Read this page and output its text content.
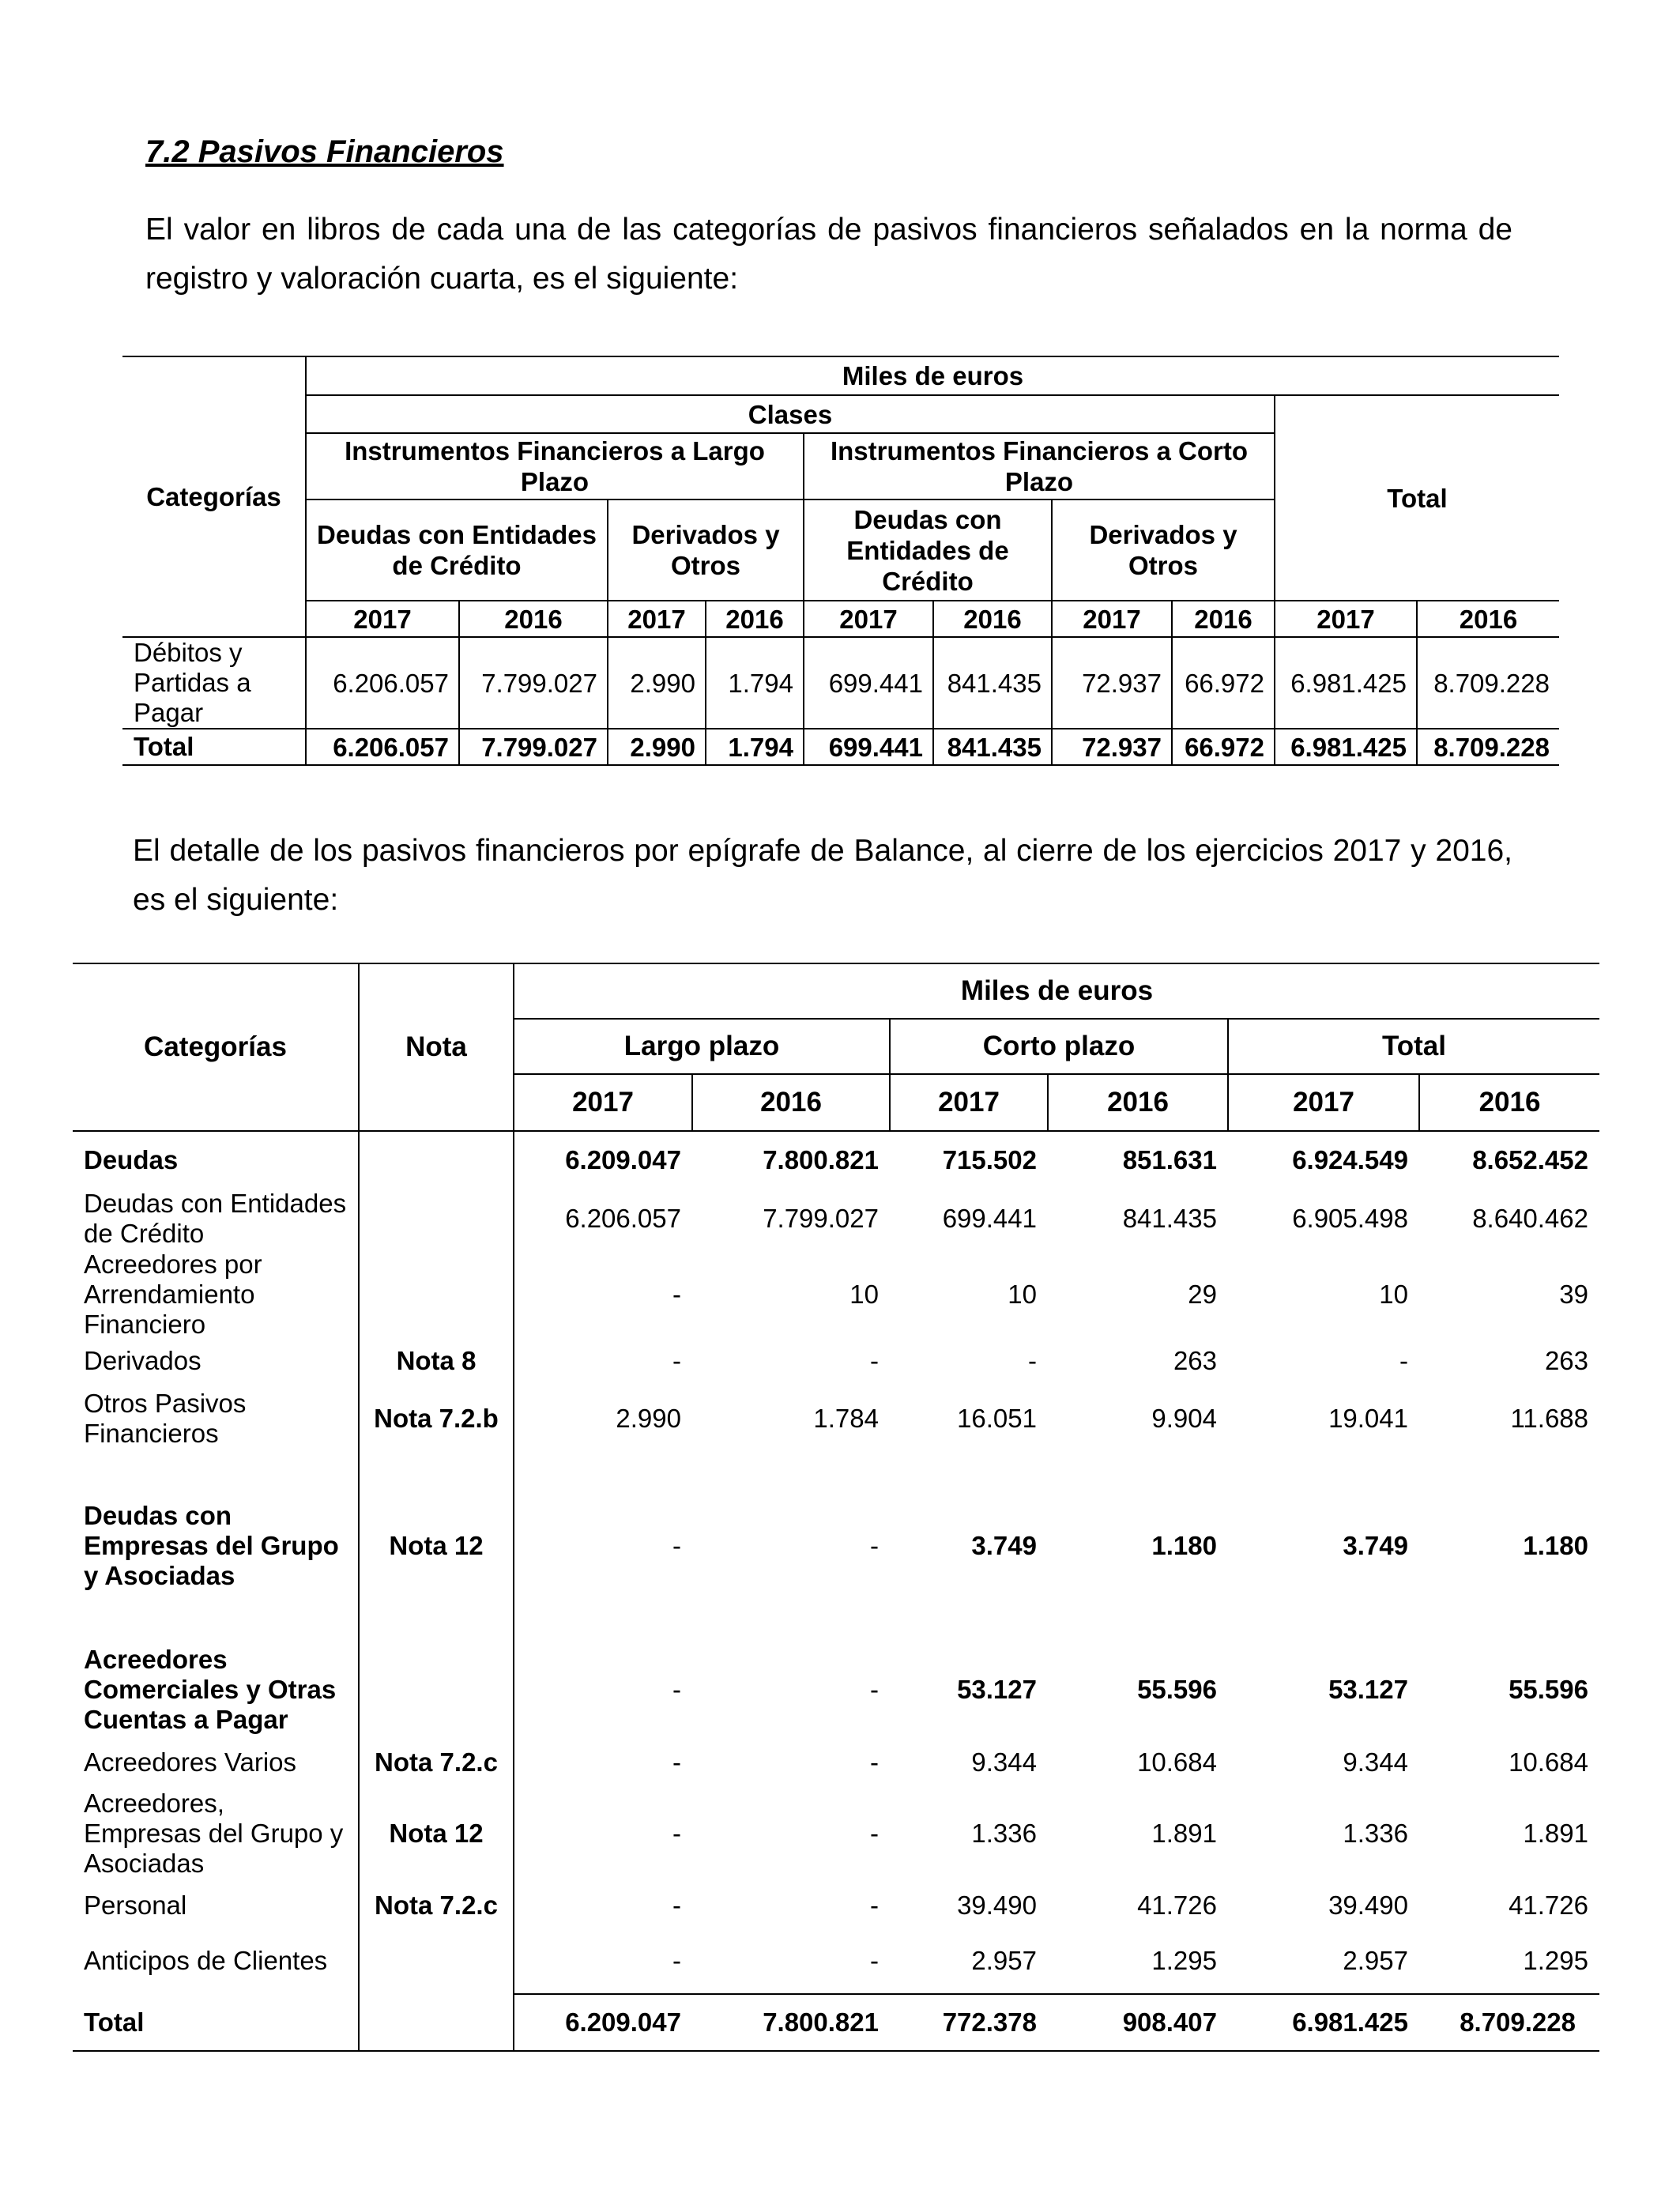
7.2 Pasivos Financieros

El valor en libros de cada una de las categorías de pasivos financieros señalados en la norma de registro y valoración cuarta, es el siguiente:

Categorías	Miles de euros									
	Clases								Total	
	Instrumentos Financieros a Largo Plazo				Instrumentos Financieros a Corto Plazo					
	Deudas con Entidades de Crédito		Derivados y Otros		Deudas con Entidades de Crédito		Derivados y Otros			
	2017	2016	2017	2016	2017	2016	2017	2016	2017	2016
Débitos y Partidas a Pagar	6.206.057	7.799.027	2.990	1.794	699.441	841.435	72.937	66.972	6.981.425	8.709.228
Total	6.206.057	7.799.027	2.990	1.794	699.441	841.435	72.937	66.972	6.981.425	8.709.228

El detalle de los pasivos financieros por epígrafe de Balance, al cierre de los ejercicios 2017 y 2016, es el siguiente:

Categorías	Nota	Miles de euros					
		Largo plazo		Corto plazo		Total	
		2017	2016	2017	2016	2017	2016
Deudas		6.209.047	7.800.821	715.502	851.631	6.924.549	8.652.452
Deudas con Entidades de Crédito		6.206.057	7.799.027	699.441	841.435	6.905.498	8.640.462
Acreedores por Arrendamiento Financiero		-	10	10	29	10	39
Derivados	Nota 8	-	-	-	263	-	263
Otros Pasivos Financieros	Nota 7.2.b	2.990	1.784	16.051	9.904	19.041	11.688

Deudas con Empresas del Grupo y Asociadas	Nota 12	-	-	3.749	1.180	3.749	1.180

Acreedores Comerciales y Otras Cuentas a Pagar		-	-	53.127	55.596	53.127	55.596
Acreedores Varios	Nota 7.2.c	-	-	9.344	10.684	9.344	10.684
Acreedores, Empresas del Grupo y Asociadas	Nota 12	-	-	1.336	1.891	1.336	1.891
Personal	Nota 7.2.c	-	-	39.490	41.726	39.490	41.726
Anticipos de Clientes		-	-	2.957	1.295	2.957	1.295
Total		6.209.047	7.800.821	772.378	908.407	6.981.425	8.709.228
